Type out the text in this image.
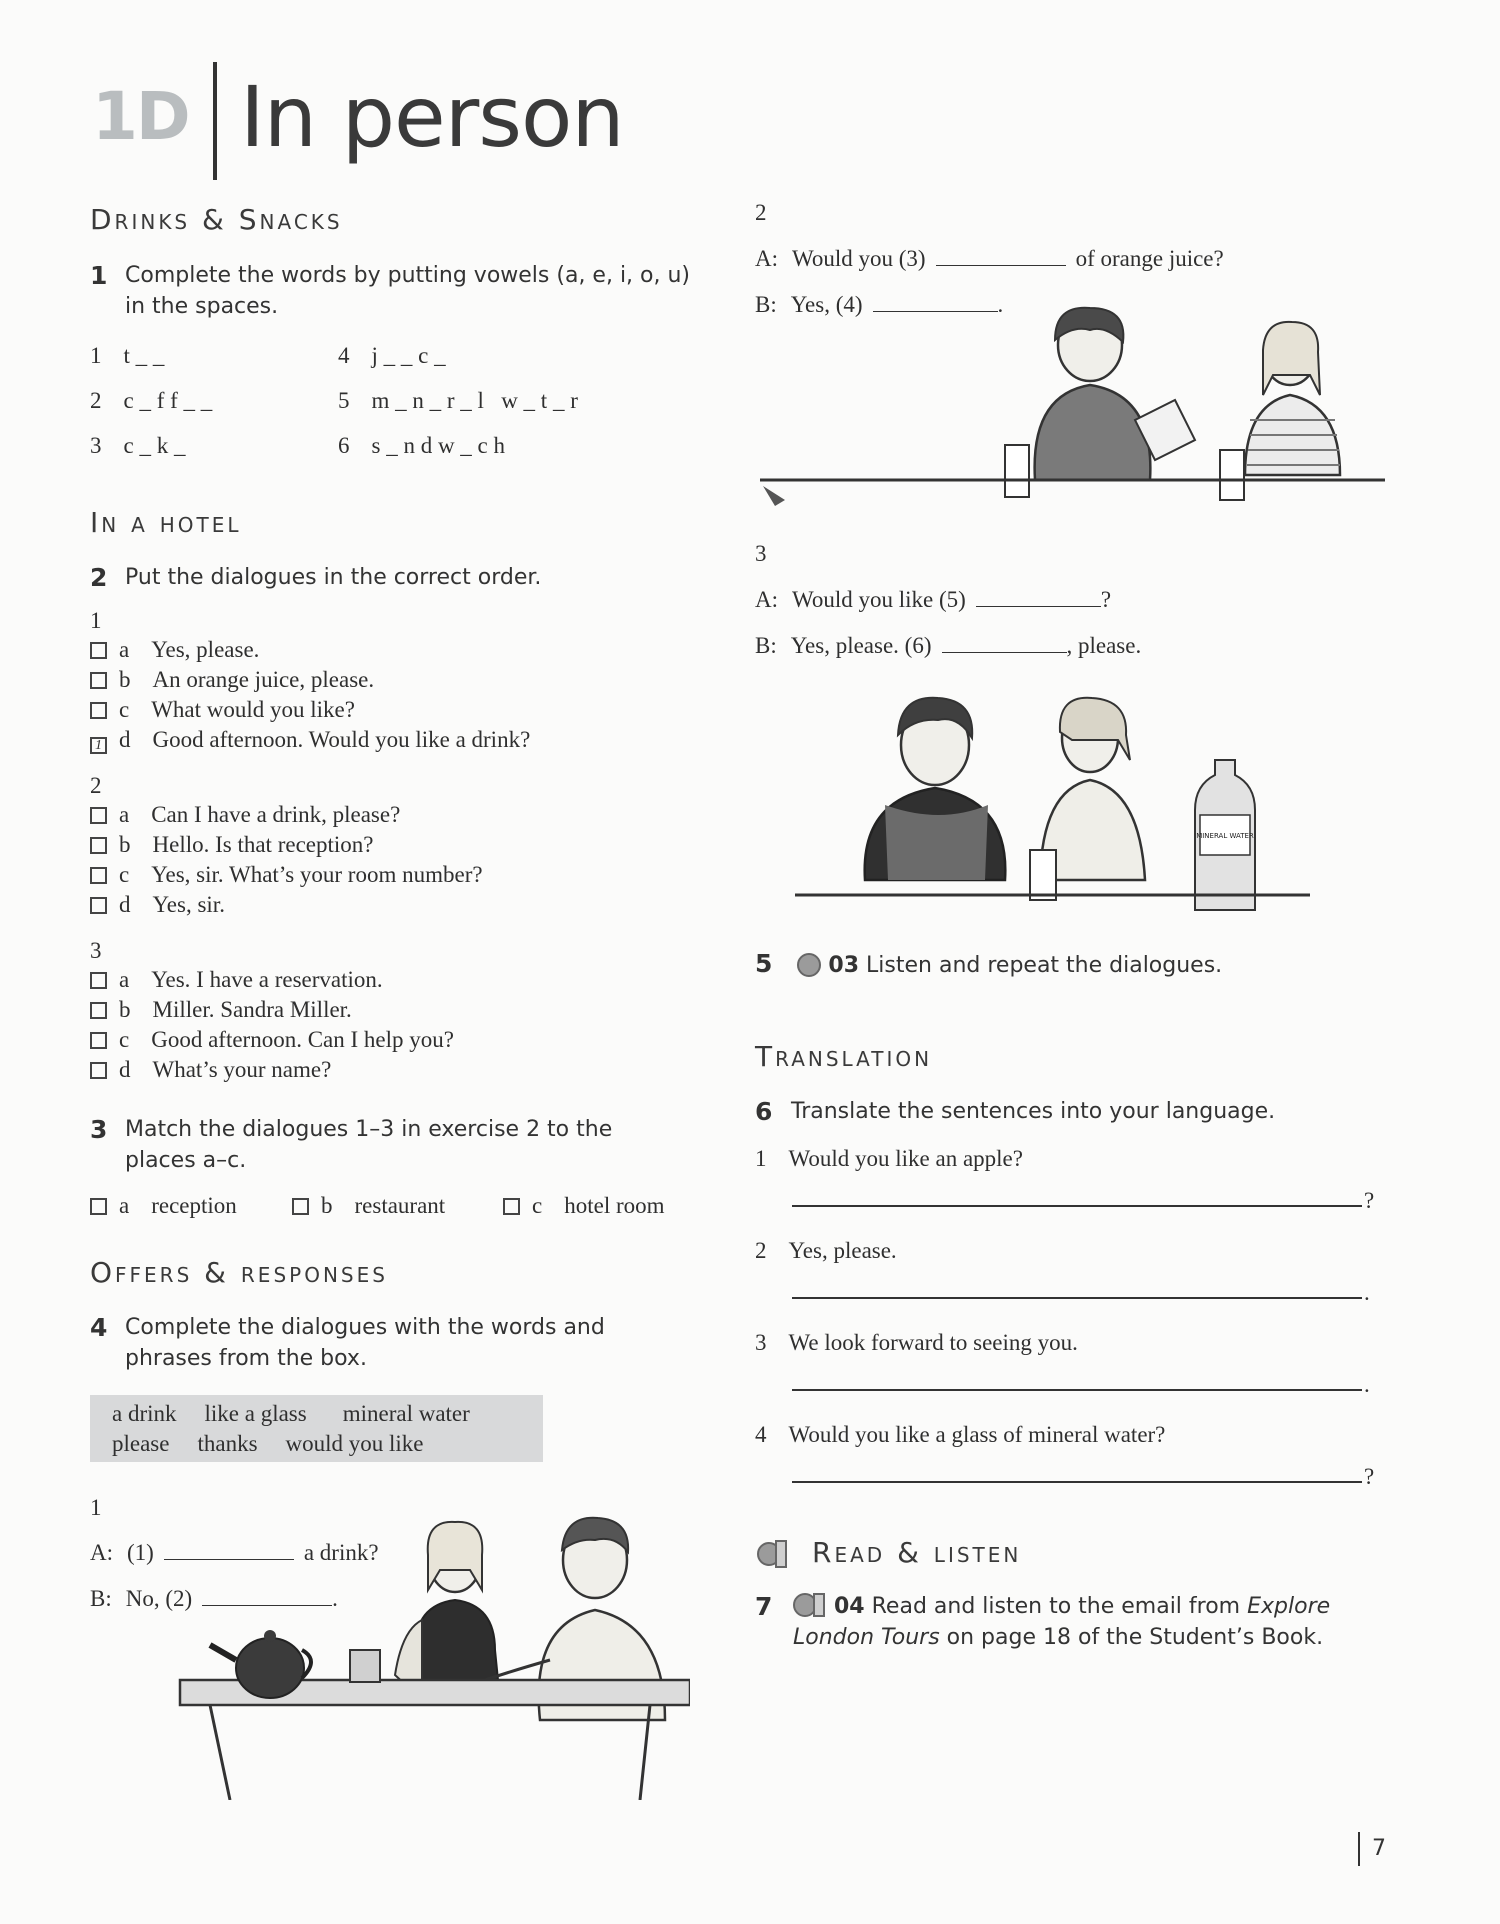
1D In person
Drinks & Snacks
1 Complete the words by putting vowels (a, e, i, o, u) in the spaces.
1 t _ _
2 c _ f f _ _
3 c _ k _
4 j _ _ c _
5 m _ n _ r _ l   w _ t _ r
6 s _ n d w _ c h
In a hotel
2 Put the dialogues in the correct order.
1
a Yes, please.
b An orange juice, please.
c What would you like?
1 d Good afternoon. Would you like a drink?
2
a Can I have a drink, please?
b Hello. Is that reception?
c Yes, sir. What’s your room number?
d Yes, sir.
3
a Yes. I have a reservation.
b Miller. Sandra Miller.
c Good afternoon. Can I help you?
d What’s your name?
3 Match the dialogues 1–3 in exercise 2 to the
places a–c.
a reception	b restaurant	c hotel room
Offers & responses
4 Complete the dialogues with the words and
phrases from the box.
a drink like a glass mineral water
please thanks would you like
1
A: (1)	a drink?
B: No, (2)	.
2
A: Would you (3)	of orange juice?
B: Yes, (4)	.
3
A: Would you like (5)	?
B: Yes, please. (6)	, please.
MINERAL WATER
5	03 Listen and repeat the dialogues.
Translation
6 Translate the sentences into your language.
1 Would you like an apple?
?
2 Yes, please.
.
3 We look forward to seeing you.
.
4 Would you like a glass of mineral water?
?
Read & listen
7	04 Read and listen to the email from Explore London Tours on page 18 of the Student’s Book.
7
